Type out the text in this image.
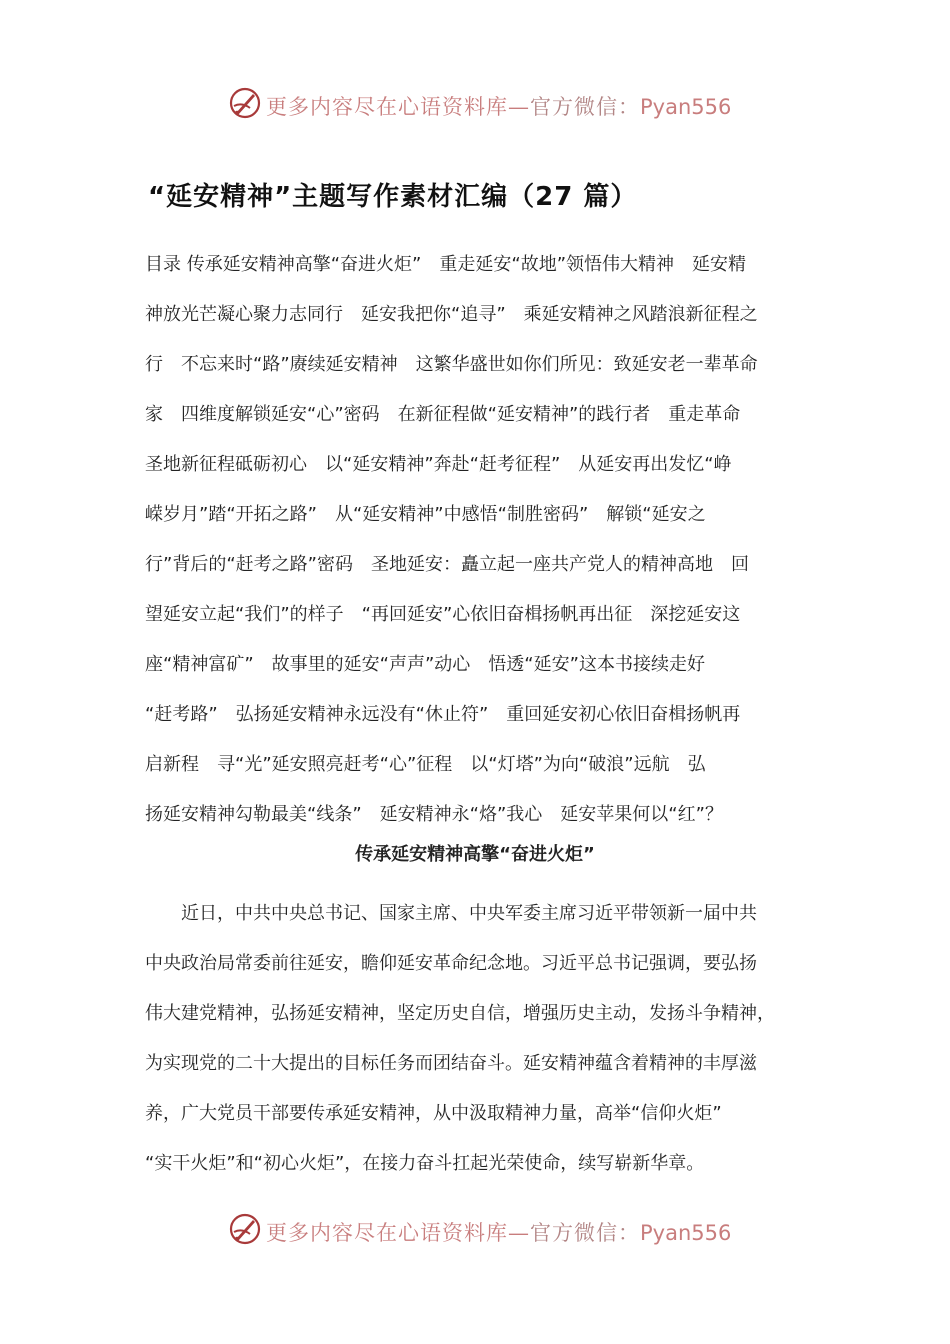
更多内容尽在心语资料库—官方微信：Pyan556
“延安精神”主题写作素材汇编（27 篇）
目录 传承延安精神高擎“奋进火炬”　重走延安“故地”领悟伟大精神　延安精
神放光芒凝心聚力志同行　延安我把你“追寻”　乘延安精神之风踏浪新征程之
行　不忘来时“路”赓续延安精神　这繁华盛世如你们所见：致延安老一辈革命
家　四维度解锁延安“心”密码　在新征程做“延安精神”的践行者　重走革命
圣地新征程砥砺初心　以“延安精神”奔赴“赶考征程”　从延安再出发忆“峥
嵘岁月”踏“开拓之路”　从“延安精神”中感悟“制胜密码”　解锁“延安之
行”背后的“赶考之路”密码　圣地延安：矗立起一座共产党人的精神高地　回
望延安立起“我们”的样子　“再回延安”心依旧奋楫扬帆再出征　深挖延安这
座“精神富矿”　故事里的延安“声声”动心　悟透“延安”这本书接续走好
“赶考路”　弘扬延安精神永远没有“休止符”　重回延安初心依旧奋楫扬帆再
启新程　寻“光”延安照亮赶考“心”征程　以“灯塔”为向“破浪”远航　弘
扬延安精神勾勒最美“线条”　延安精神永“烙”我心　延安苹果何以“红”？
传承延安精神高擎“奋进火炬”
　　近日，中共中央总书记、国家主席、中央军委主席习近平带领新一届中共
中央政治局常委前往延安，瞻仰延安革命纪念地。习近平总书记强调，要弘扬
伟大建党精神，弘扬延安精神，坚定历史自信，增强历史主动，发扬斗争精神，
为实现党的二十大提出的目标任务而团结奋斗。延安精神蕴含着精神的丰厚滋
养，广大党员干部要传承延安精神，从中汲取精神力量，高举“信仰火炬”
“实干火炬”和“初心火炬”，在接力奋斗扛起光荣使命，续写崭新华章。
更多内容尽在心语资料库—官方微信：Pyan556
